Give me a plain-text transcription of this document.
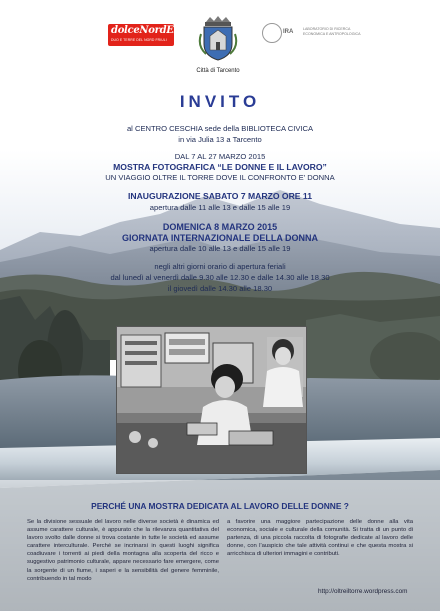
dolceNordEst
DUO E TERRE DEL NORD FRIULI
Città di Tarcento
IRA	LABORATORIO DI RICERCA ECONOMICA E ANTROPOLOGICA
INVITO
al CENTRO CESCHIA sede della BIBLIOTECA CIVICA
in via Julia 13 a Tarcento
DAL 7 AL 27 MARZO 2015
MOSTRA FOTOGRAFICA “LE DONNE E IL LAVORO”
UN VIAGGIO OLTRE IL TORRE DOVE IL CONFRONTO E' DONNA
INAUGURAZIONE SABATO 7 MARZO ORE 11
apertura dalle 11 alle 13 e dalle 15 alle 19
DOMENICA 8 MARZO 2015
GIORNATA INTERNAZIONALE DELLA DONNA
apertura dalle 10 alle 13 e dalle 15 alle 19
negli altri giorni orario di apertura feriali
dal lunedì al venerdì dalle 9.30 alle 12.30 e dalle 14.30 alle 18.30
il giovedì dalle 14.30 alle 18.30
PERCHÉ UNA MOSTRA DEDICATA AL LAVORO DELLE DONNE ?
Se la divisione sessuale del lavoro nelle diverse società è dinamica ed assume carattere culturale, è appurato che la rilevanza quantitativa del lavoro svolto dalle donne si trova costante in tutte le società ed assume carattere interculturale. Perché se incrinarsi in questi luoghi significa coadiuvare i torrenti ai piedi della montagna alla scoperta del ricco e suggestivo patrimonio culturale, appare necessario fare emergere, come la sorgente di un fiume, i saperi e la sensibilità del genere femminile, contribuendo in tal modo
a favorire una maggiore partecipazione delle donne alla vita economica, sociale e culturale della comunità. Si tratta di un punto di partenza, di una piccola raccolta di fotografie dedicate al lavoro delle donne, con l'auspicio che tale attività continui e che questa mostra si arricchisca di ulteriori immagini e contributi.
http://oltreiltorre.wordpress.com
